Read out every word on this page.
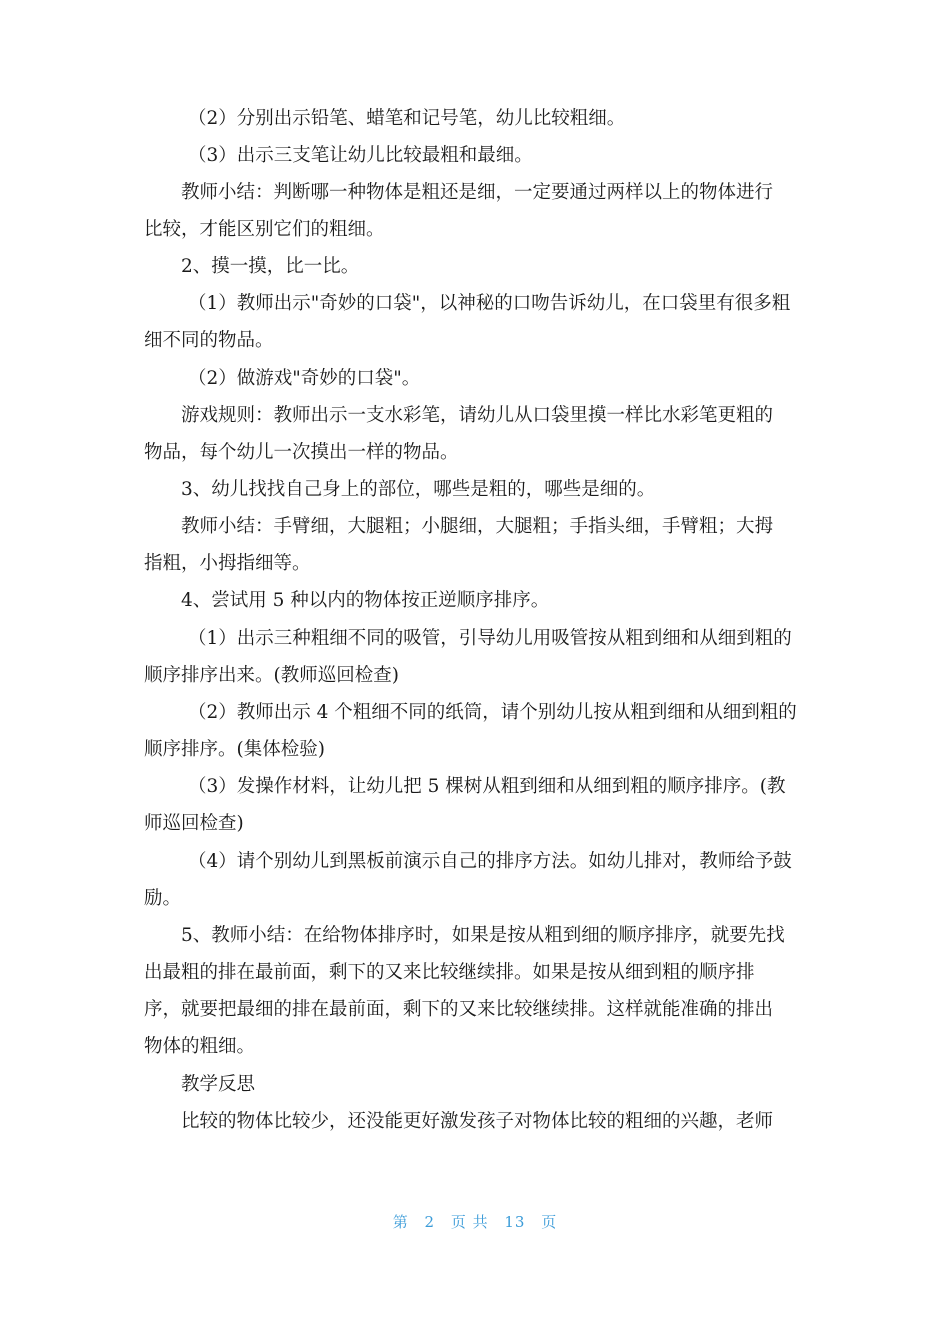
（2）分别出示铅笔、蜡笔和记号笔，幼儿比较粗细。
（3）出示三支笔让幼儿比较最粗和最细。
教师小结：判断哪一种物体是粗还是细，一定要通过两样以上的物体进行
比较，才能区别它们的粗细。
2、摸一摸，比一比。
（1）教师出示"奇妙的口袋"，以神秘的口吻告诉幼儿，在口袋里有很多粗
细不同的物品。
（2）做游戏"奇妙的口袋"。
游戏规则：教师出示一支水彩笔，请幼儿从口袋里摸一样比水彩笔更粗的
物品，每个幼儿一次摸出一样的物品。
3、幼儿找找自己身上的部位，哪些是粗的，哪些是细的。
教师小结：手臂细，大腿粗；小腿细，大腿粗；手指头细，手臂粗；大拇
指粗，小拇指细等。
4、尝试用 5 种以内的物体按正逆顺序排序。
（1）出示三种粗细不同的吸管，引导幼儿用吸管按从粗到细和从细到粗的
顺序排序出来。(教师巡回检查)
（2）教师出示 4 个粗细不同的纸筒，请个别幼儿按从粗到细和从细到粗的
顺序排序。(集体检验)
（3）发操作材料，让幼儿把 5 棵树从粗到细和从细到粗的顺序排序。(教
师巡回检查)
（4）请个别幼儿到黑板前演示自己的排序方法。如幼儿排对，教师给予鼓
励。
5、教师小结：在给物体排序时，如果是按从粗到细的顺序排序，就要先找
出最粗的排在最前面，剩下的又来比较继续排。如果是按从细到粗的顺序排
序，就要把最细的排在最前面，剩下的又来比较继续排。这样就能准确的排出
物体的粗细。
教学反思
比较的物体比较少，还没能更好激发孩子对物体比较的粗细的兴趣，老师
第 2 页 共 13 页
